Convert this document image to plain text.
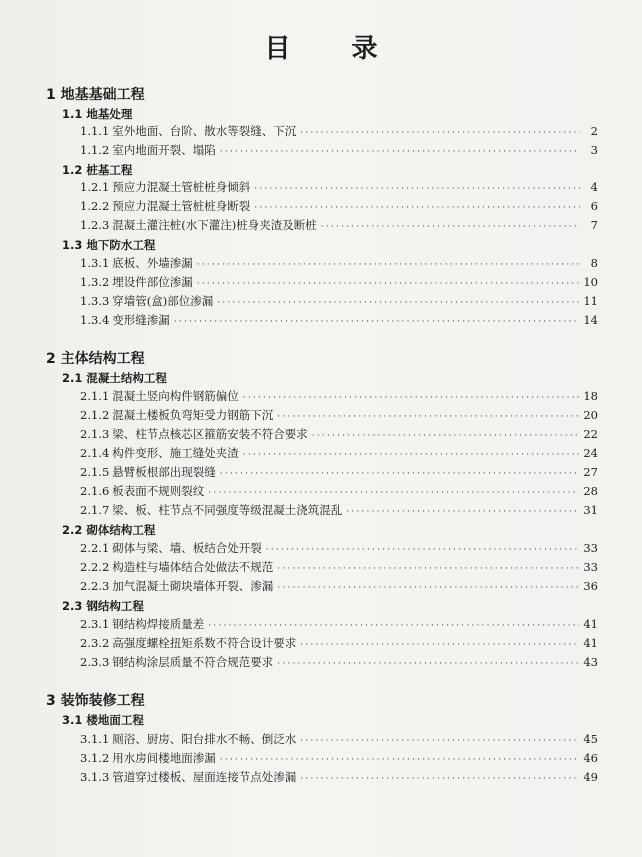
目 录
1 地基基础工程
1.1 地基处理
1.1.1 室外地面、台阶、散水等裂缝、下沉 ·····	2
1.1.2 室内地面开裂、塌陷 ·····	3
1.2 桩基工程
1.2.1 预应力混凝土管桩桩身倾斜 ·····	4
1.2.2 预应力混凝土管桩桩身断裂 ·····	6
1.2.3 混凝土灌注桩(水下灌注)桩身夹渣及断桩 ·····	7
1.3 地下防水工程
1.3.1 底板、外墙渗漏 ·····	8
1.3.2 埋设件部位渗漏 ·····	10
1.3.3 穿墙管(盒)部位渗漏 ·····	11
1.3.4 变形缝渗漏 ·····	14
2 主体结构工程
2.1 混凝土结构工程
2.1.1 混凝土竖向构件钢筋偏位 ·····	18
2.1.2 混凝土楼板负弯矩受力钢筋下沉 ·····	20
2.1.3 梁、柱节点核芯区箍筋安装不符合要求 ·····	22
2.1.4 构件变形、施工缝处夹渣 ·····	24
2.1.5 悬臂板根部出现裂缝 ·····	27
2.1.6 板表面不规则裂纹 ·····	28
2.1.7 梁、板、柱节点不同强度等级混凝土浇筑混乱 ·····	31
2.2 砌体结构工程
2.2.1 砌体与梁、墙、板结合处开裂 ·····	33
2.2.2 构造柱与墙体结合处做法不规范 ·····	33
2.2.3 加气混凝土砌块墙体开裂、渗漏 ·····	36
2.3 钢结构工程
2.3.1 钢结构焊接质量差 ·····	41
2.3.2 高强度螺栓扭矩系数不符合设计要求 ·····	41
2.3.3 钢结构涂层质量不符合规范要求 ·····	43
3 装饰装修工程
3.1 楼地面工程
3.1.1 厕浴、厨房、阳台排水不畅、倒泛水 ·····	45
3.1.2 用水房间楼地面渗漏 ·····	46
3.1.3 管道穿过楼板、屋面连接节点处渗漏 ·····	49
